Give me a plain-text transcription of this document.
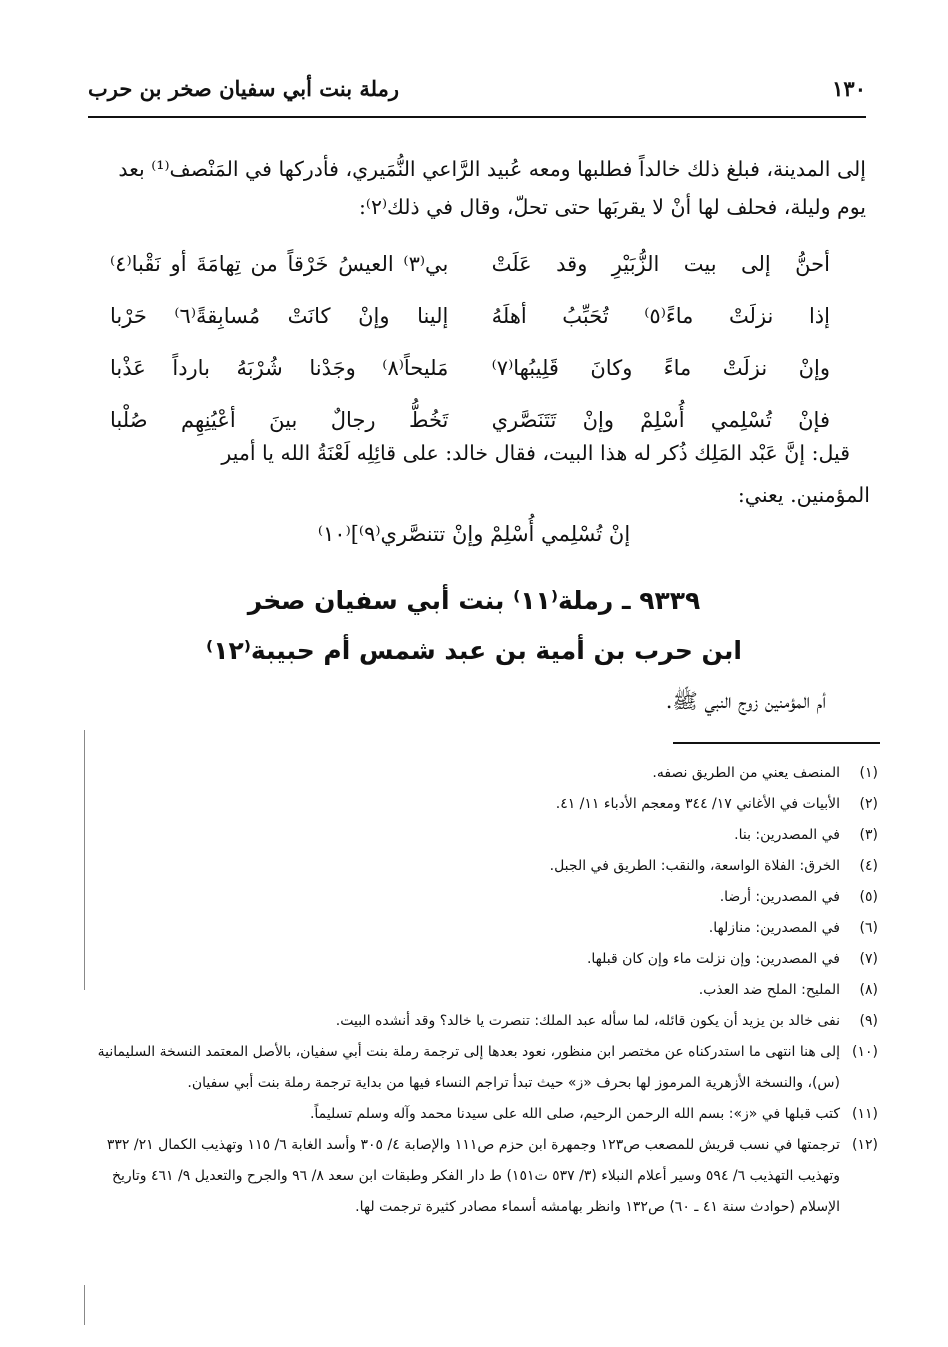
١٣٠
رملة بنت أبي سفيان صخر بن حرب

إلى المدينة، فبلغ ذلك خالداً فطلبها ومعه عُبيد الرَّاعي النُّمَيري، فأدركها في المَنْصف⁽¹⁾ بعد

يوم وليلة، فحلف لها أنْ لا يقربَها حتى تحلّ، وقال في ذلك⁽٢⁾:

أحنُّ إلى بيت الزُّبَيْرِ وقد عَلَتْ
بي⁽٣⁾ العيسُ خَرْقاً من تِهامَةَ أو نَقْبا⁽٤⁾
إذا نزلَتْ ماءً⁽٥⁾ تُحَبِّبُ أهلَهُ
إلينا وإنْ كانَتْ مُسابِقةً⁽٦⁾ حَرْبا
وإنْ نزلَتْ ماءً وكانَ قَلِيبُها⁽٧⁾
مَليحاً⁽٨⁾ وجَدْنا شُرْبَهُ بارداً عَذْبا
فإنْ تُسْلِمي أُسْلِمْ وإنْ تَتَنَصَّري
تَخُطُّ رجالٌ بينَ أعْيُنِهِم صُلْبا

قيل: إنَّ عَبْد المَلِك ذُكر له هذا البيت، فقال خالد: على قائِلِه لَعْنَةُ الله يا أمير

المؤمنين. يعني:

إنْ تُسْلِمي أُسْلِمْ وإنْ تتنصَّري⁽٩⁾]⁽١٠⁾
٩٣٣٩ ـ رملة⁽١١⁾ بنت أبي سفيان صخر
ابن حرب بن أمية بن عبد شمس أم حبيبة⁽١٢⁾
أم المؤمنين زوج النبي ﷺ.
(١)
المنصف يعني من الطريق نصفه.
(٢)
الأبيات في الأغاني ١٧/ ٣٤٤ ومعجم الأدباء ١١/ ٤١.
(٣)
في المصدرين: بنا.
(٤)
الخرق: الفلاة الواسعة، والنقب: الطريق في الجبل.
(٥)
في المصدرين: أرضا.
(٦)
في المصدرين: منازلها.
(٧)
في المصدرين: وإن نزلت ماء وإن كان قبلها.
(٨)
المليح: الملح ضد العذب.
(٩)
نفى خالد بن يزيد أن يكون قائله، لما سأله عبد الملك: تنصرت يا خالد؟ وقد أنشده البيت.
(١٠)
إلى هنا انتهى ما استدركناه عن مختصر ابن منظور، نعود بعدها إلى ترجمة رملة بنت أبي سفيان، بالأصل المعتمد النسخة السليمانية (س)، والنسخة الأزهرية المرموز لها بحرف «ز» حيث تبدأ تراجم النساء فيها من بداية ترجمة رملة بنت أبي سفيان.
(١١)
كتب قبلها في «ز»: بسم الله الرحمن الرحيم، صلى الله على سيدنا محمد وآله وسلم تسليماً.
(١٢)
ترجمتها في نسب قريش للمصعب ص١٢٣ وجمهرة ابن حزم ص١١١ والإصابة ٤/ ٣٠٥ وأسد الغابة ٦/ ١١٥ وتهذيب الكمال ٢١/ ٣٣٢ وتهذيب التهذيب ٦/ ٥٩٤ وسير أعلام النبلاء (٣/ ٥٣٧ ت١٥١) ط دار الفكر وطبقات ابن سعد ٨/ ٩٦ والجرح والتعديل ٩/ ٤٦١ وتاريخ الإسلام (حوادث سنة ٤١ ـ ٦٠) ص١٣٢ وانظر بهامشه أسماء مصادر كثيرة ترجمت لها.
